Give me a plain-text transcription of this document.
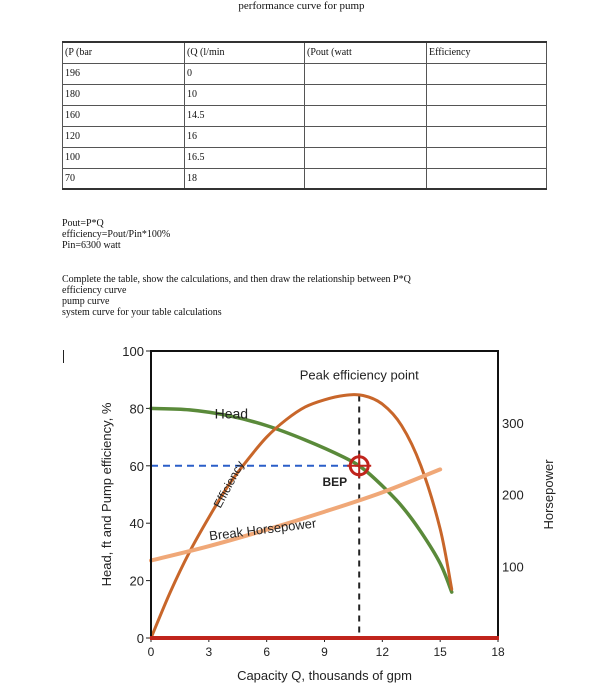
performance curve for pump
(P (bar	(Q (l/min	(Pout (watt	Efficiency
196	0		
180	10		
160	14.5		
120	16		
100	16.5		
70	18		
Pout=P*Q
efficiency=Pout/Pin*100%
Pin=6300 watt
Complete the table, show the calculations, and then draw the relationship between P*Q
efficiency curve
pump curve
system curve for your table calculations
0
20
40
60
80
100
0	3	6	9	12	15	18
100
200
300
Peak efficiency point
BEP
Head
Efficiency
Break Horsepower
Capacity Q, thousands of gpm
Head, ft and Pump efficiency, %	Horsepower
